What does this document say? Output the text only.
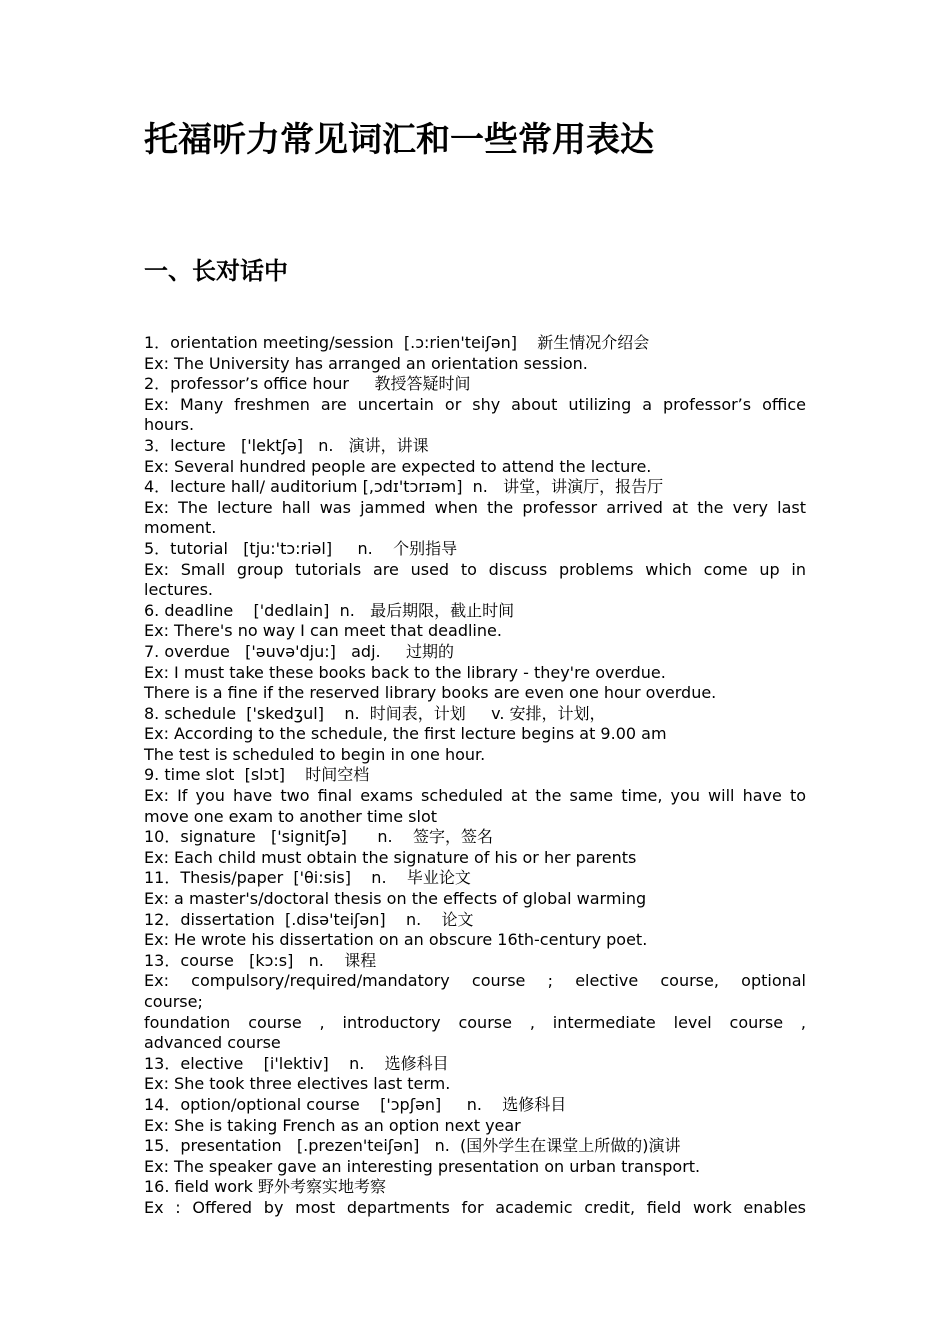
托福听力常见词汇和一些常用表达
一、长对话中
1．orientation meeting/session  [.ɔ:rien'teiʃən]    新生情况介绍会
Ex: The University has arranged an orientation session.
2．professor’s office hour     教授答疑时间
Ex: Many freshmen are uncertain or shy about utilizing a professor’s office
hours.
3．lecture   ['lektʃə]   n.   演讲，讲课
Ex: Several hundred people are expected to attend the lecture.
4．lecture hall/ auditorium [,ɔdɪ'tɔrɪəm]  n.   讲堂，讲演厅，报告厅
Ex: The lecture hall was jammed when the professor arrived at the very last
moment.
5．tutorial   [tju:'tɔ:riəl]     n.    个别指导
Ex: Small group tutorials are used to discuss problems which come up in
lectures.
6. deadline    ['dedlain]  n.   最后期限，截止时间
Ex: There's no way I can meet that deadline.
7. overdue   ['əuvə'dju:]   adj.     过期的
Ex: I must take these books back to the library - they're overdue.
There is a fine if the reserved library books are even one hour overdue.
8. schedule  ['skedʒul]    n.  时间表，计划     v. 安排，计划，
Ex: According to the schedule, the first lecture begins at 9.00 am
The test is scheduled to begin in one hour.
9. time slot  [slɔt]    时间空档
Ex: If you have two final exams scheduled at the same time, you will have to
move one exam to another time slot
10．signature   ['signitʃə]      n.    签字，签名
Ex: Each child must obtain the signature of his or her parents
11．Thesis/paper  ['θi:sis]    n.    毕业论文
Ex: a master's/doctoral thesis on the effects of global warming
12．dissertation  [.disə'teiʃən]    n.    论文
Ex: He wrote his dissertation on an obscure 16th-century poet.
13．course   [kɔ:s]   n.    课程
Ex: compulsory/required/mandatory course ; elective course, optional
course;
foundation course , introductory course , intermediate level course ,
advanced course
13．elective    [i'lektiv]    n.    选修科目
Ex: She took three electives last term.
14．option/optional course    ['ɔpʃən]     n.    选修科目
Ex: She is taking French as an option next year
15．presentation   [.prezen'teiʃən]   n.  (国外学生在课堂上所做的)演讲
Ex: The speaker gave an interesting presentation on urban transport.
16. field work 野外考察实地考察
Ex : Offered by most departments for academic credit, field work enables
